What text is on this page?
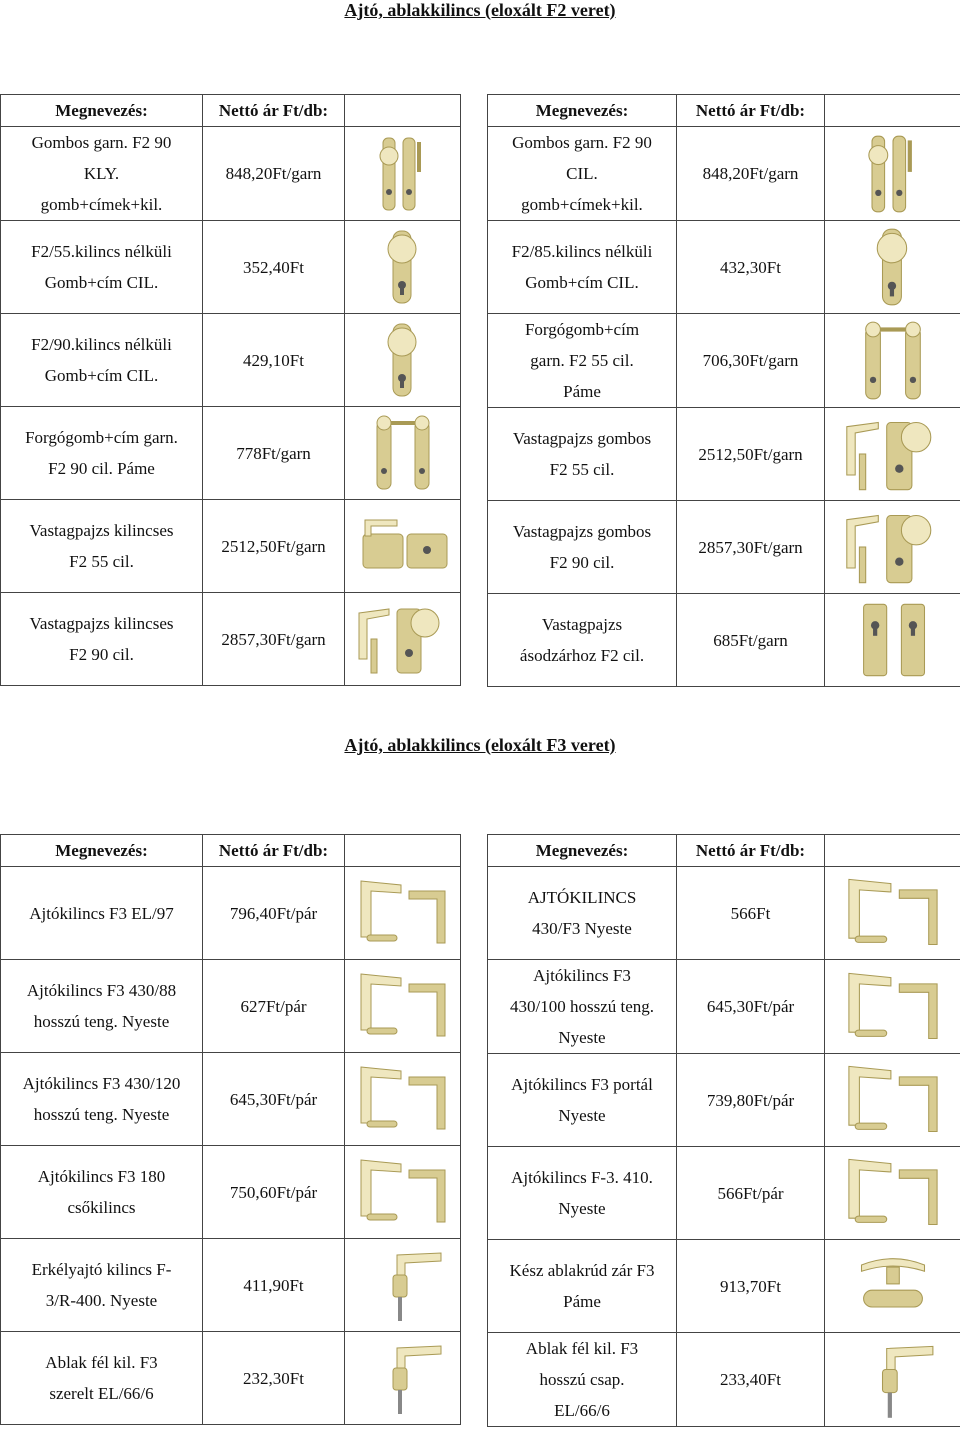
Ajtó, ablakkilincs (eloxált F2 veret)
Megnevezés:	Nettó ár Ft/db:	
Gombos garn. F2 90
KLY.
gomb+címek+kil.	848,20Ft/garn	

F2/55.kilincs nélküli
Gomb+cím CIL.	352,40Ft	

F2/90.kilincs nélküli
Gomb+cím CIL.	429,10Ft	

Forgógomb+cím garn.
F2 90 cil. Páme	778Ft/garn	

Vastagpajzs kilincses
F2 55 cil.	2512,50Ft/garn	

Vastagpajzs kilincses
F2 90 cil.	2857,30Ft/garn	
Megnevezés:	Nettó ár Ft/db:	
Gombos garn. F2 90
CIL.
gomb+címek+kil.	848,20Ft/garn	

F2/85.kilincs nélküli
Gomb+cím CIL.	432,30Ft	

Forgógomb+cím
garn. F2 55 cil.
Páme	706,30Ft/garn	

Vastagpajzs gombos
F2 55 cil.	2512,50Ft/garn	

Vastagpajzs gombos
F2 90 cil.	2857,30Ft/garn	

Vastagpajzs
ásodzárhoz F2 cil.	685Ft/garn	
Ajtó, ablakkilincs (eloxált F3 veret)
Megnevezés:	Nettó ár Ft/db:	
Ajtókilincs F3 EL/97	796,40Ft/pár	

Ajtókilincs F3 430/88
hosszú teng. Nyeste	627Ft/pár	

Ajtókilincs F3 430/120
hosszú teng. Nyeste	645,30Ft/pár	

Ajtókilincs F3 180
csőkilincs	750,60Ft/pár	

Erkélyajtó kilincs F-
3/R-400. Nyeste	411,90Ft	

Ablak fél kil. F3
szerelt EL/66/6	232,30Ft	
Megnevezés:	Nettó ár Ft/db:	
AJTÓKILINCS
430/F3 Nyeste	566Ft	

Ajtókilincs F3
430/100 hosszú teng.
Nyeste	645,30Ft/pár	

Ajtókilincs F3 portál
Nyeste	739,80Ft/pár	

Ajtókilincs F-3. 410.
Nyeste	566Ft/pár	

Kész ablakrúd zár F3
Páme	913,70Ft	

Ablak fél kil. F3
hosszú csap.
EL/66/6	233,40Ft	
